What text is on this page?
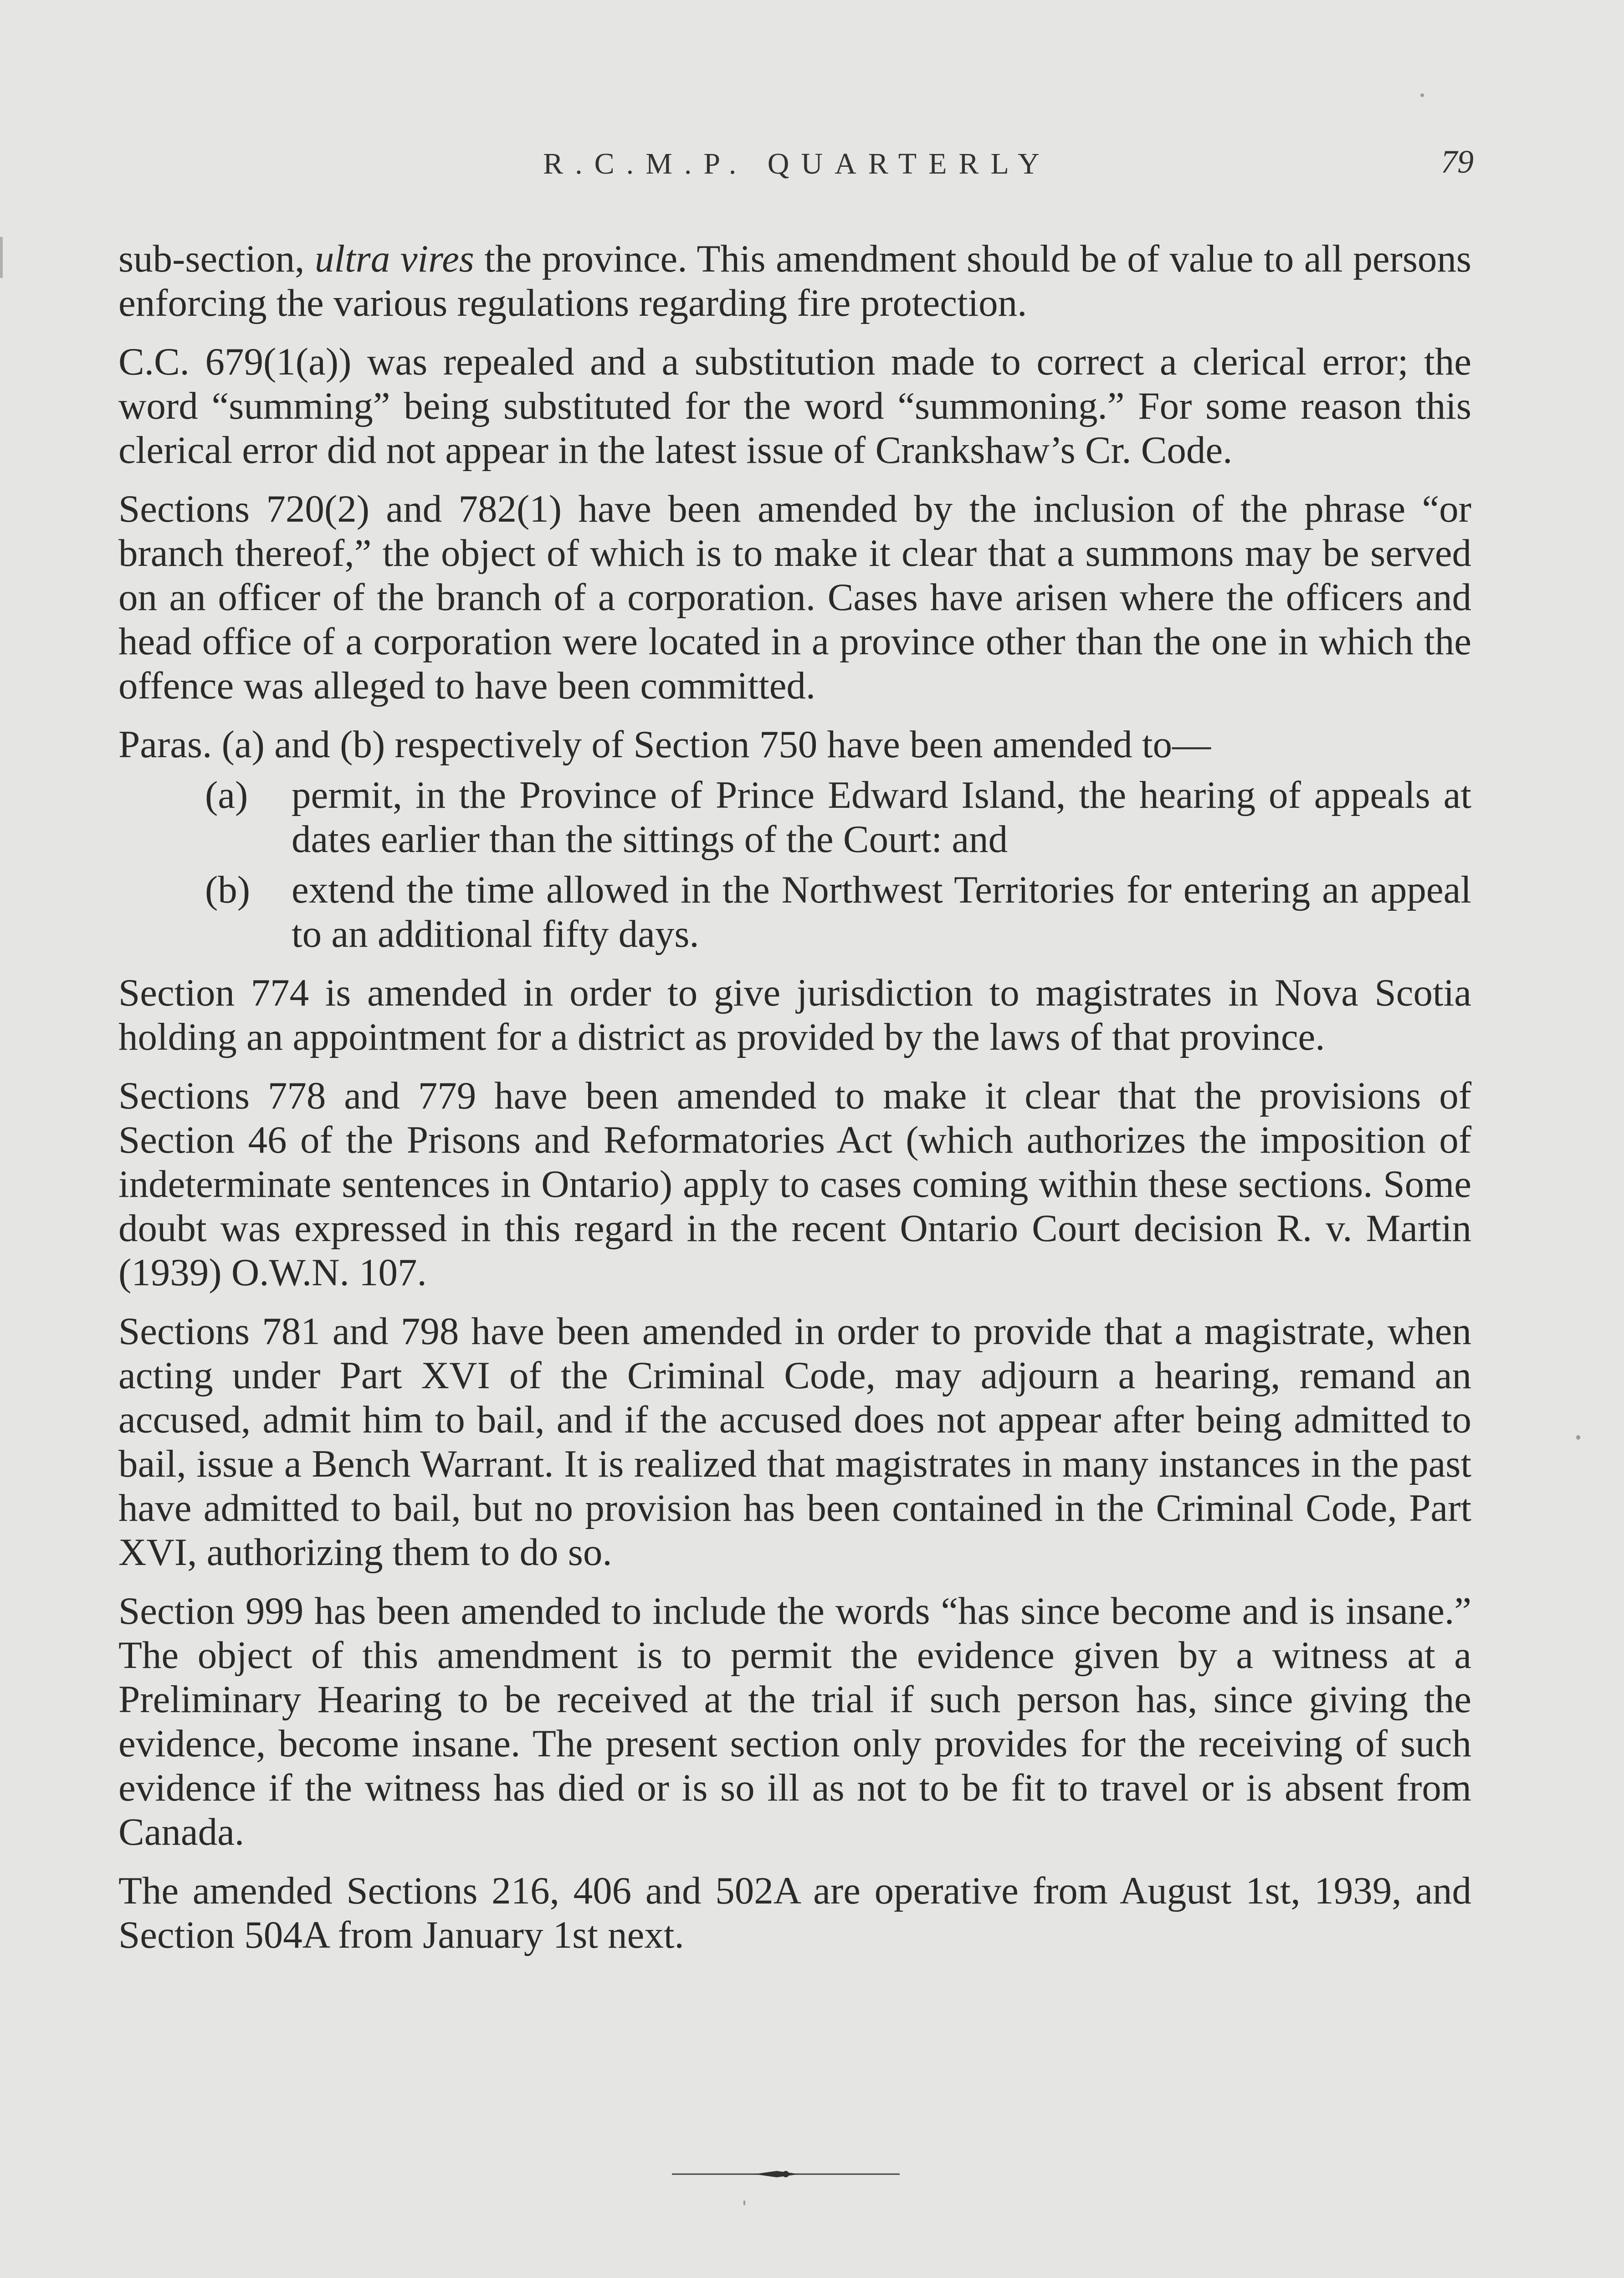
R.C.M.P. QUARTERLY	79

sub-section, ultra vires the province. This amendment should be of value to all persons enforcing the various regulations regarding fire protection.

C.C. 679(1(a)) was repealed and a substitution made to correct a clerical error; the word “summing” being substituted for the word “summoning.” For some reason this clerical error did not appear in the latest issue of Crankshaw’s Cr. Code.

Sections 720(2) and 782(1) have been amended by the inclusion of the phrase “or branch thereof,” the object of which is to make it clear that a summons may be served on an officer of the branch of a corporation. Cases have arisen where the officers and head office of a corporation were located in a province other than the one in which the offence was alleged to have been committed.

Paras. (a) and (b) respectively of Section 750 have been amended to—

(a) permit, in the Province of Prince Edward Island, the hearing of appeals at dates earlier than the sittings of the Court: and
(b) extend the time allowed in the Northwest Territories for entering an appeal to an additional fifty days.

Section 774 is amended in order to give jurisdiction to magistrates in Nova Scotia holding an appointment for a district as provided by the laws of that province.

Sections 778 and 779 have been amended to make it clear that the provisions of Section 46 of the Prisons and Reformatories Act (which authorizes the imposition of indeterminate sentences in Ontario) apply to cases coming within these sections. Some doubt was expressed in this regard in the recent Ontario Court decision R. v. Martin (1939) O.W.N. 107.

Sections 781 and 798 have been amended in order to provide that a magistrate, when acting under Part XVI of the Criminal Code, may adjourn a hearing, remand an accused, admit him to bail, and if the accused does not appear after being admitted to bail, issue a Bench Warrant. It is realized that magistrates in many instances in the past have admitted to bail, but no provision has been contained in the Criminal Code, Part XVI, authorizing them to do so.

Section 999 has been amended to include the words “has since become and is insane.” The object of this amendment is to permit the evidence given by a witness at a Preliminary Hearing to be received at the trial if such person has, since giving the evidence, become insane. The present section only provides for the receiving of such evidence if the witness has died or is so ill as not to be fit to travel or is absent from Canada.

The amended Sections 216, 406 and 502A are operative from August 1st, 1939, and Section 504A from January 1st next.
